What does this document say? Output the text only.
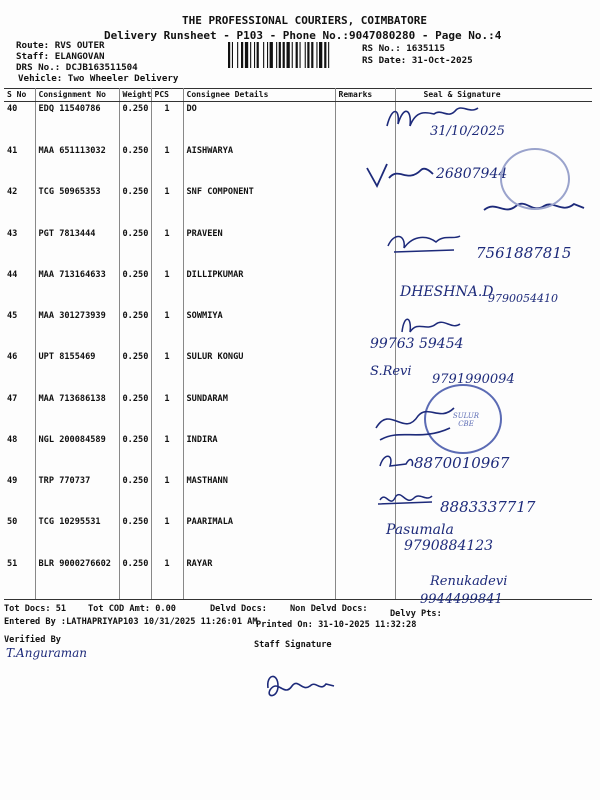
THE PROFESSIONAL COURIERS, COIMBATORE
Delivery Runsheet - P103 - Phone No.:9047080280 - Page No.:4
Route: RVS OUTER
Staff: ELANGOVAN
DRS No.: DCJB163511504
Vehicle: Two Wheeler Delivery
RS No.: 1635115
RS Date: 31-Oct-2025
S No	Consignment No	Weight	PCS	Consignee Details	Remarks	Seal & Signature
40	EDQ 11540786	0.250	1	DO		
41	MAA 651113032	0.250	1	AISHWARYA		
42	TCG 50965353	0.250	1	SNF COMPONENT		
43	PGT 7813444	0.250	1	PRAVEEN		
44	MAA 713164633	0.250	1	DILLIPKUMAR		
45	MAA 301273939	0.250	1	SOWMIYA		
46	UPT 8155469	0.250	1	SULUR KONGU		
47	MAA 713686138	0.250	1	SUNDARAM		
48	NGL 200084589	0.250	1	INDIRA		
49	TRP 770737	0.250	1	MASTHANN		
50	TCG 10295531	0.250	1	PAARIMALA		
51	BLR 9000276602	0.250	1	RAYAR		
31/10/2025
26807944
7561887815
DHESHNA.D
9790054410
99763 59454
S.Revi
9791990094
SULUR CBE
8870010967
8883337717
Pasumala
9790884123
Renukadevi
9944499841
Tot Docs: 51	Tot COD Amt: 0.00	Delvd Docs:	Non Delvd Docs:	Delvy Pts:
Entered By :LATHAPRIYAP103 10/31/2025 11:26:01 AM
Printed On: 31-10-2025 11:32:28
Verified By	Staff Signature
T.Anguraman
